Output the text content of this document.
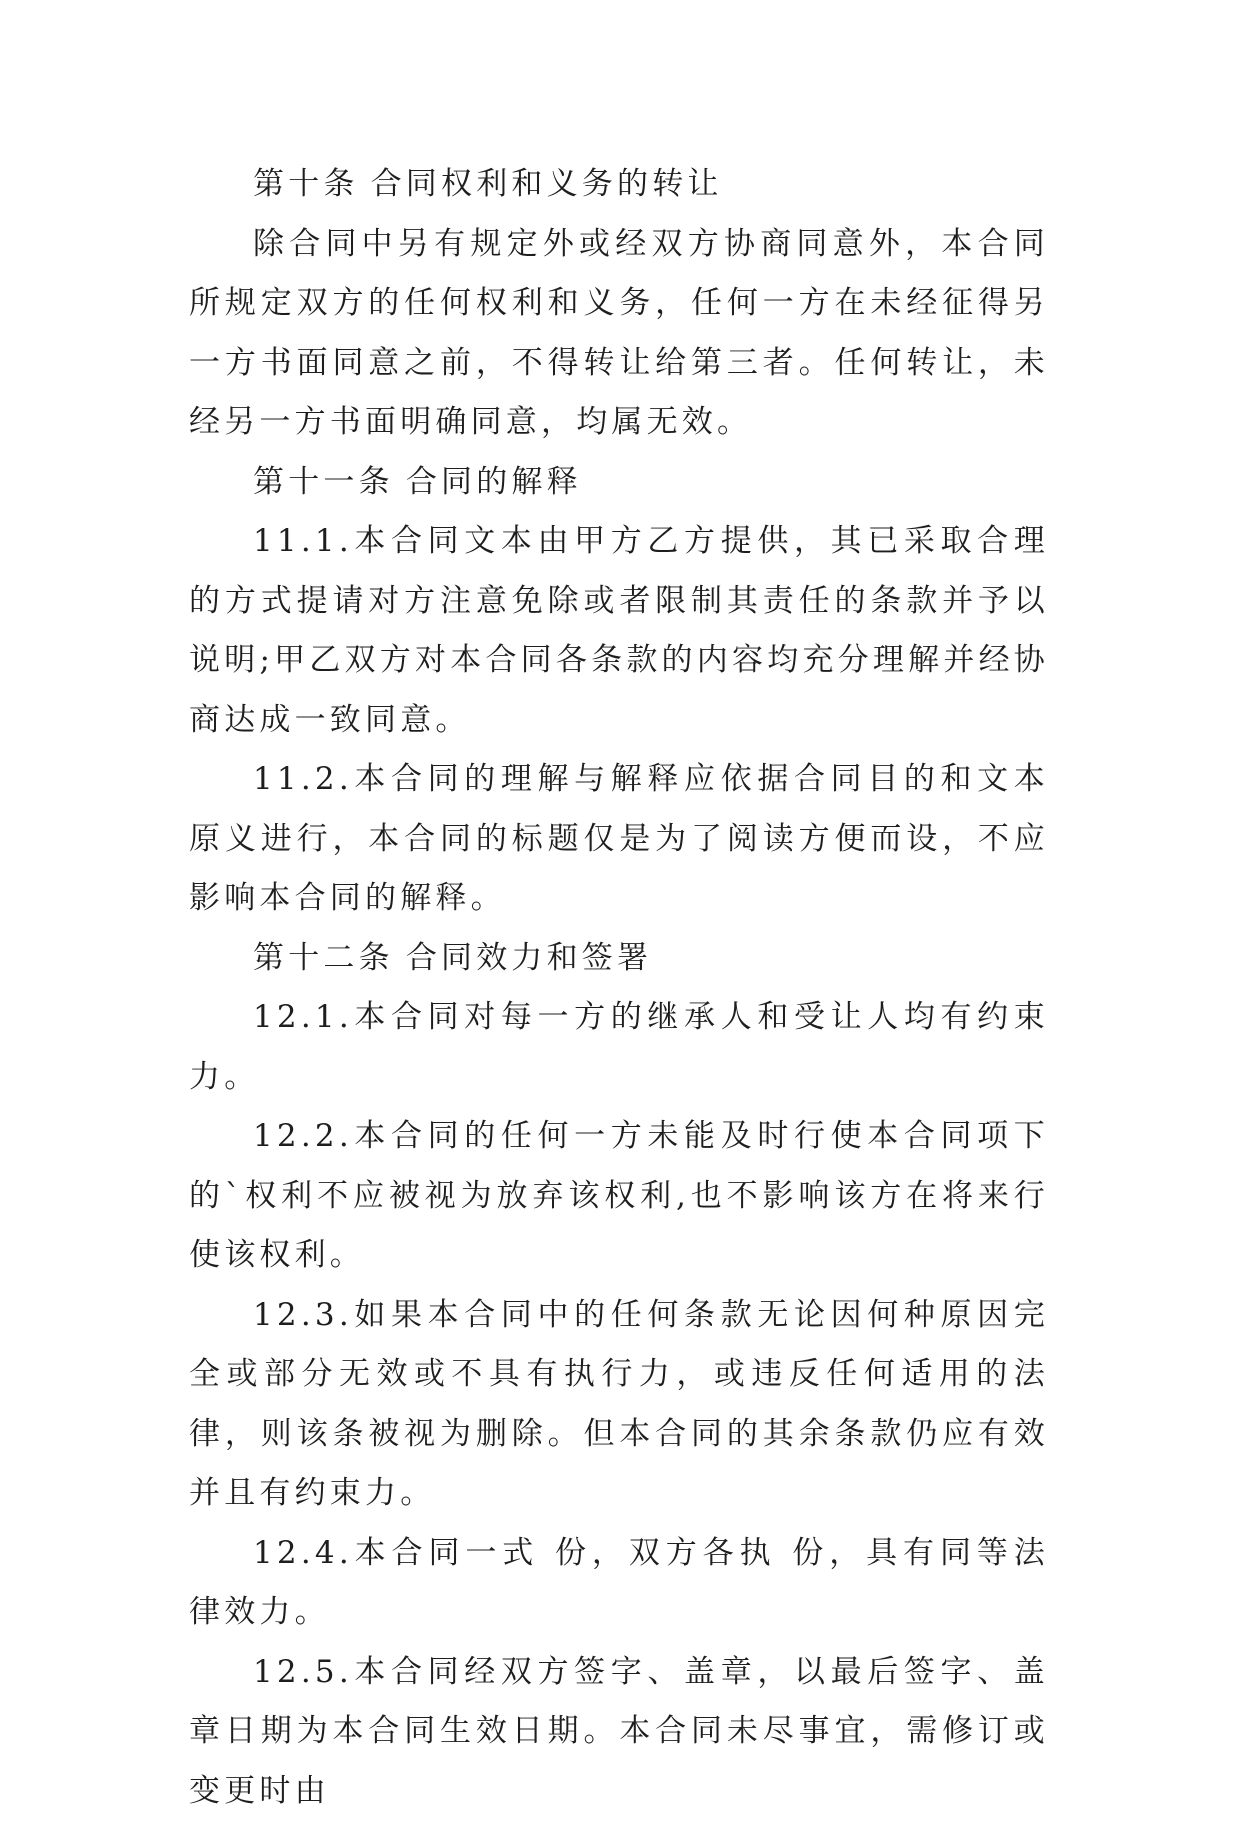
第十条 合同权利和义务的转让

除合同中另有规定外或经双方协商同意外，本合同所规定双方的任何权利和义务，任何一方在未经征得另一方书面同意之前，不得转让给第三者。任何转让，未经另一方书面明确同意，均属无效。

第十一条 合同的解释

11.1.本合同文本由甲方乙方提供，其已采取合理的方式提请对方注意免除或者限制其责任的条款并予以说明;甲乙双方对本合同各条款的内容均充分理解并经协商达成一致同意。

11.2.本合同的理解与解释应依据合同目的和文本原义进行，本合同的标题仅是为了阅读方便而设，不应影响本合同的解释。

第十二条 合同效力和签署

12.1.本合同对每一方的继承人和受让人均有约束力。

12.2.本合同的任何一方未能及时行使本合同项下的`权利不应被视为放弃该权利,也不影响该方在将来行使该权利。

12.3.如果本合同中的任何条款无论因何种原因完全或部分无效或不具有执行力，或违反任何适用的法律，则该条被视为删除。但本合同的其余条款仍应有效并且有约束力。

12.4.本合同一式 份，双方各执 份，具有同等法律效力。

12.5.本合同经双方签字、盖章，以最后签字、盖章日期为本合同生效日期。本合同未尽事宜，需修订或变更时由
